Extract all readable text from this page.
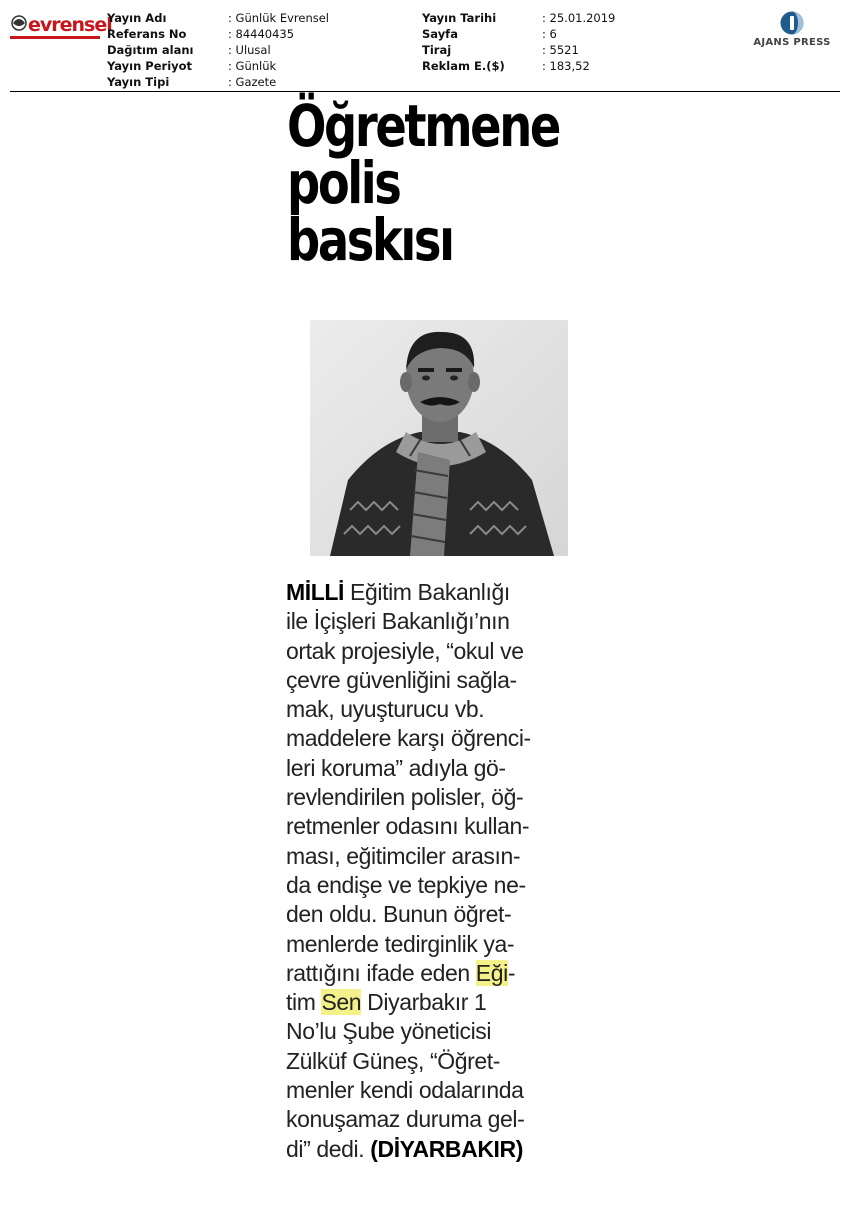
evrensel
Yayın Adı	: Günlük Evrensel
Referans No	: 84440435
Dağıtım alanı	: Ulusal
Yayın Periyot	: Günlük
Yayın Tipi	: Gazete
Yayın Tarihi	: 25.01.2019
Sayfa	: 6
Tiraj	: 5521
Reklam E.($)	: 183,52
AJANS PRESS
Öğretmene
polis
baskısı
MİLLİ Eğitim Bakanlığı
ile İçişleri Bakanlığı’nın
ortak projesiyle, “okul ve
çevre güvenliğini sağla-
mak, uyuşturucu vb.
maddelere karşı öğrenci-
leri koruma” adıyla gö-
revlendirilen polisler, öğ-
retmenler odasını kullan-
ması, eğitimciler arasın-
da endişe ve tepkiye ne-
den oldu. Bunun öğret-
menlerde tedirginlik ya-
rattığını ifade eden Eği-
tim Sen Diyarbakır 1
No’lu Şube yöneticisi
Zülküf Güneş, “Öğret-
menler kendi odalarında
konuşamaz duruma gel-
di” dedi. (DİYARBAKIR)
